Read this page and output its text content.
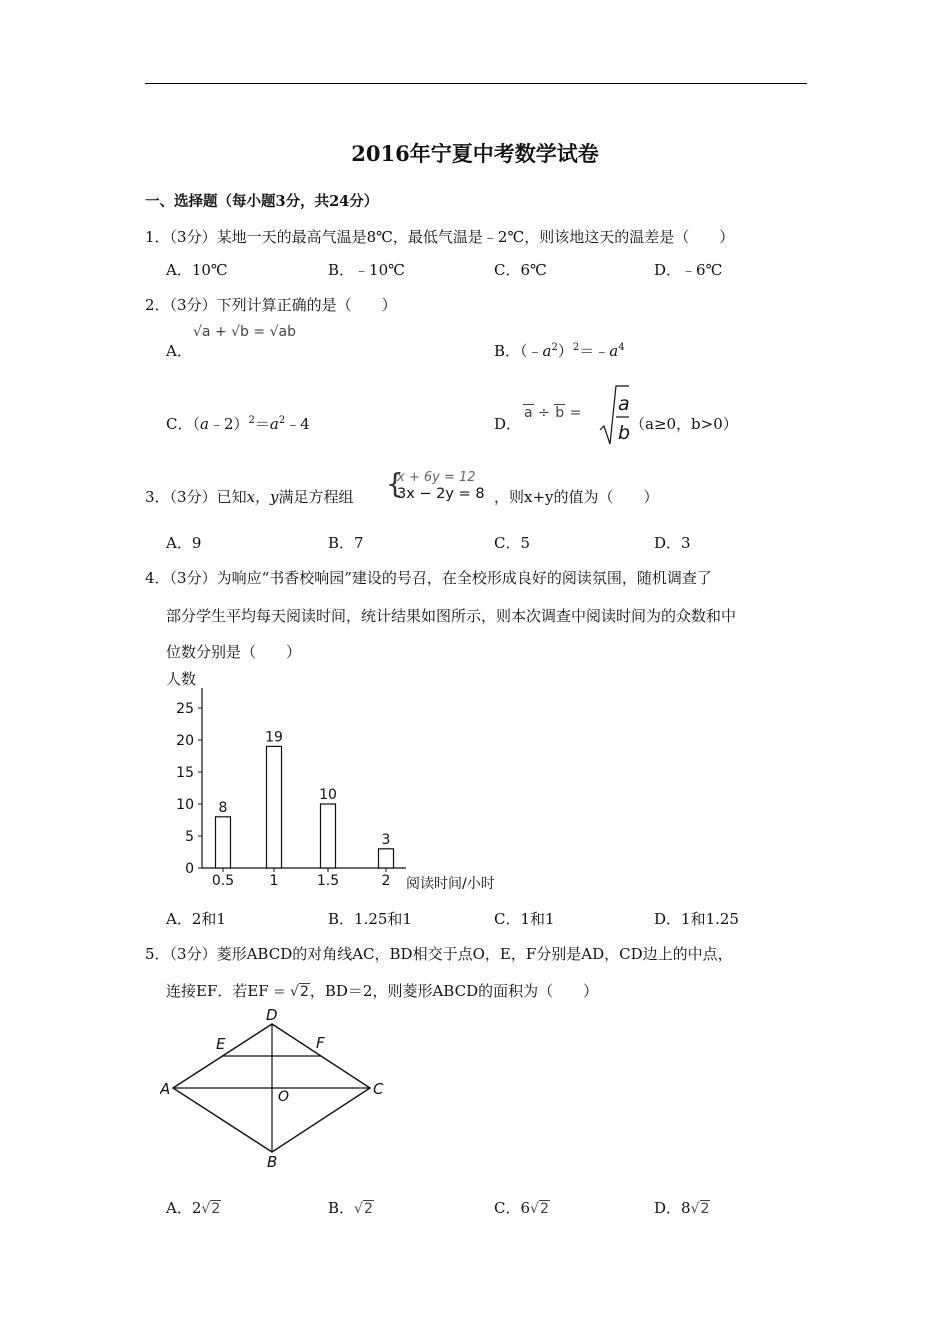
2016年宁夏中考数学试卷
一、选择题（每小题3分，共24分）
1．（3分）某地一天的最高气温是8℃，最低气温是﹣2℃，则该地这天的温差是（　　）
A．10℃	B．﹣10℃	C．6℃	D．﹣6℃
2．（3分）下列计算正确的是（　　）
A．
√a + √b = √ab
B．$(﹣a^2)^2=﹣a^4$
C．$(a﹣2)^2=a^2﹣4$	D．
a ÷ b = a
b （a≥0，b>0）
3．（3分）已知x，y满足方程组 {
x + 6y = 12
3x − 2y = 8 ，则x+y的值为（　　）
A．9	B．7	C．5	D．3
4．（3分）为响应“书香校响园”建设的号召，在全校形成良好的阅读氛围，随机调查了
部分学生平均每天阅读时间，统计结果如图所示，则本次调查中阅读时间为的众数和中
位数分别是（　　）
人数
阅读时间/小时
0
5
10
15
20
25
8
0.5
19
1
10
1.5
3
2
A．2和1	B．1.25和1	C．1和1	D．1和1.25
5．（3分）菱形ABCD的对角线AC，BD相交于点O，E，F分别是AD，CD边上的中点，
连接EF．若EF = √2，BD＝2，则菱形ABCD的面积为（　　）
A
D
C
B
E	F
O
A．2√2	B．√2	C．6√2	D．8√2
